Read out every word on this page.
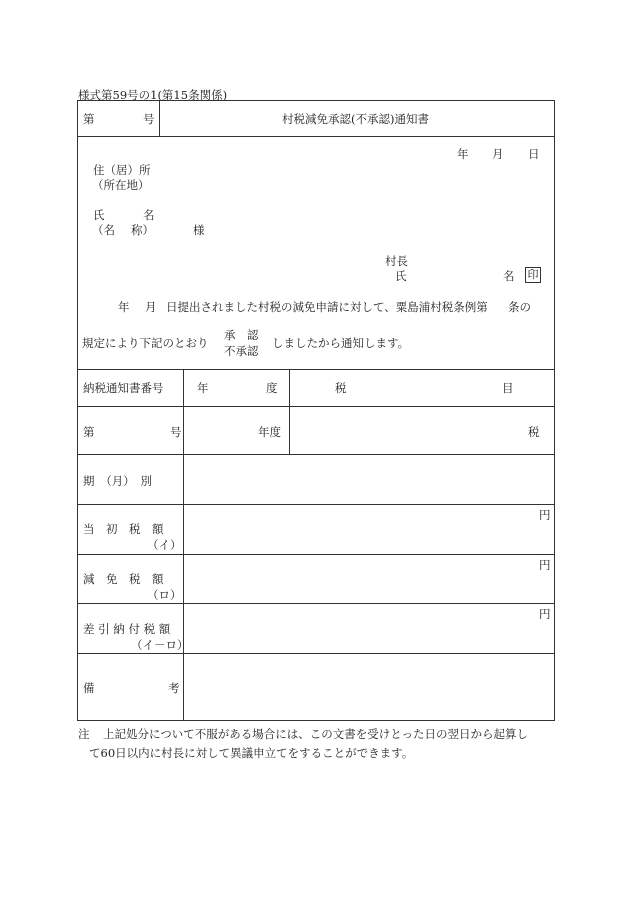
様式第59号の1(第15条関係)
第	号	村税減免承認(不承認)通知書
年 月 日
住（居）所
（所在地）
氏	名
（名 称）	様
村長
氏	名 印
年 月 日提出されました村税の減免申請に対して、粟島浦村税条例第 条の
規定により下記のとおり
承　認
不承認
しましたから通知します。
納税通知書番号	年	度	税	目
第	号	年度	税
期　（月）　別
当　初　税　額
（イ）
円
減　免　税　額
（ロ）
円
差 引 納 付 税 額
（イ－ロ）
円
備	考
注 上記処分について不服がある場合には、この文書を受けとった日の翌日から起算し
て60日以内に村長に対して異議申立てをすることができます。
